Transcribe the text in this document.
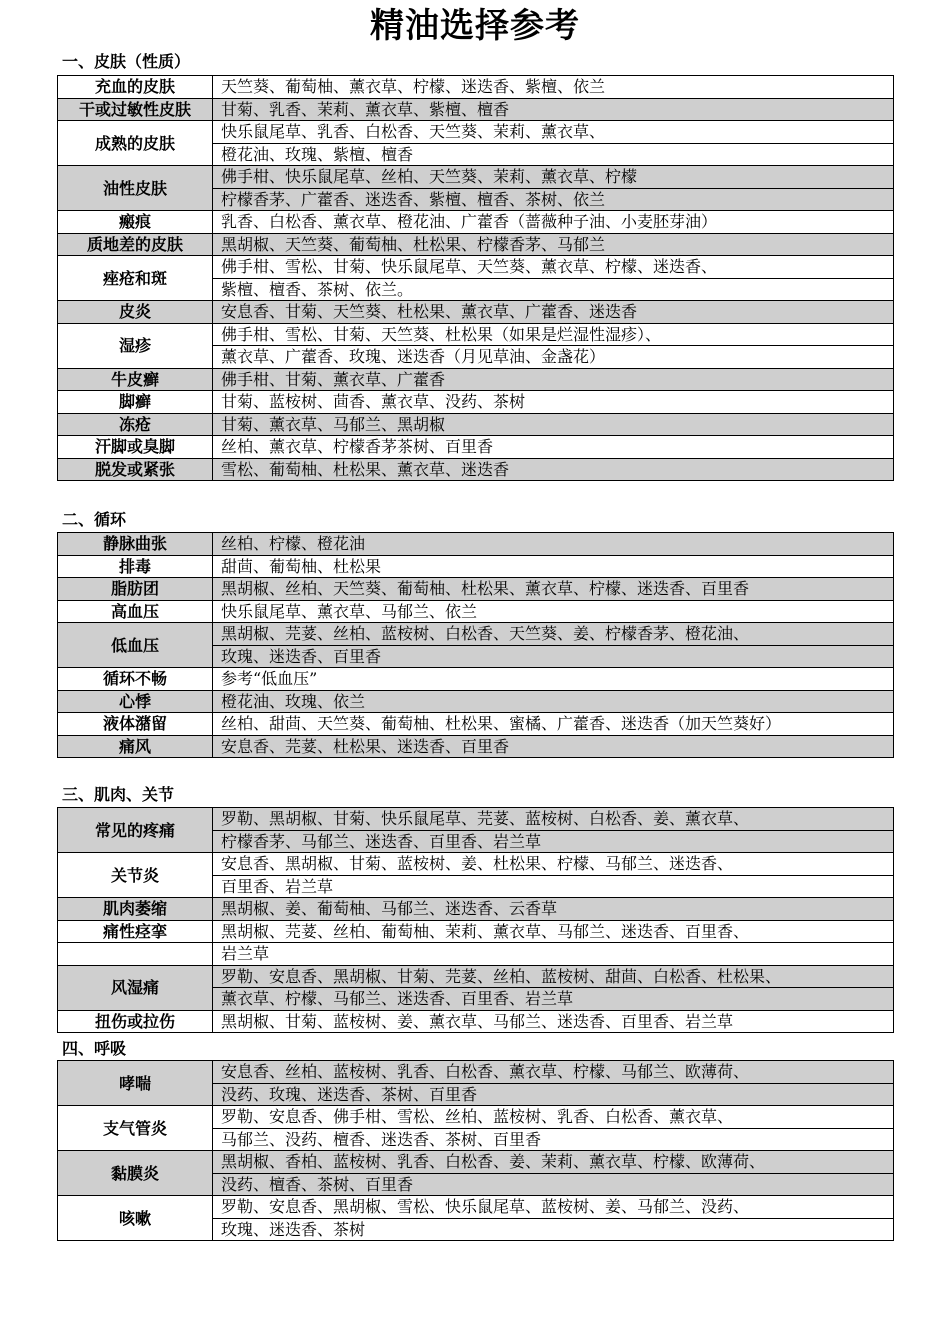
精油选择参考
一、皮肤（性质）
充血的皮肤	天竺葵、葡萄柚、薰衣草、柠檬、迷迭香、紫檀、依兰
干或过敏性皮肤	甘菊、乳香、茉莉、薰衣草、紫檀、檀香
成熟的皮肤	快乐鼠尾草、乳香、白松香、天竺葵、茉莉、薰衣草、
	橙花油、玫瑰、紫檀、檀香
油性皮肤	佛手柑、快乐鼠尾草、丝柏、天竺葵、茉莉、薰衣草、柠檬
	柠檬香茅、广藿香、迷迭香、紫檀、檀香、茶树、依兰
瘢痕	乳香、白松香、薰衣草、橙花油、广藿香（蔷薇种子油、小麦胚芽油）
质地差的皮肤	黑胡椒、天竺葵、葡萄柚、杜松果、柠檬香茅、马郁兰
痤疮和斑	佛手柑、雪松、甘菊、快乐鼠尾草、天竺葵、薰衣草、柠檬、迷迭香、
	紫檀、檀香、茶树、依兰。
皮炎	安息香、甘菊、天竺葵、杜松果、薰衣草、广藿香、迷迭香
湿疹	佛手柑、雪松、甘菊、天竺葵、杜松果（如果是烂湿性湿疹）、
	薰衣草、广藿香、玫瑰、迷迭香（月见草油、金盏花）
牛皮癣	佛手柑、甘菊、薰衣草、广藿香
脚癣	甘菊、蓝桉树、茴香、薰衣草、没药、茶树
冻疮	甘菊、薰衣草、马郁兰、黑胡椒
汗脚或臭脚	丝柏、薰衣草、柠檬香茅茶树、百里香
脱发或紧张	雪松、葡萄柚、杜松果、薰衣草、迷迭香
二、循环
静脉曲张	丝柏、柠檬、橙花油
排毒	甜茴、葡萄柚、杜松果
脂肪团	黑胡椒、丝柏、天竺葵、葡萄柚、杜松果、薰衣草、柠檬、迷迭香、百里香
高血压	快乐鼠尾草、薰衣草、马郁兰、依兰
低血压	黑胡椒、芫荽、丝柏、蓝桉树、白松香、天竺葵、姜、柠檬香茅、橙花油、
	玫瑰、迷迭香、百里香
循环不畅	参考“低血压”
心悸	橙花油、玫瑰、依兰
液体潴留	丝柏、甜茴、天竺葵、葡萄柚、杜松果、蜜橘、广藿香、迷迭香（加天竺葵好）
痛风	安息香、芫荽、杜松果、迷迭香、百里香
三、肌肉、关节
常见的疼痛	罗勒、黑胡椒、甘菊、快乐鼠尾草、芫荽、蓝桉树、白松香、姜、薰衣草、
	柠檬香茅、马郁兰、迷迭香、百里香、岩兰草
关节炎	安息香、黑胡椒、甘菊、蓝桉树、姜、杜松果、柠檬、马郁兰、迷迭香、
	百里香、岩兰草
肌肉萎缩	黑胡椒、姜、葡萄柚、马郁兰、迷迭香、云香草
痛性痉挛	黑胡椒、芫荽、丝柏、葡萄柚、茉莉、薰衣草、马郁兰、迷迭香、百里香、
	岩兰草
风湿痛	罗勒、安息香、黑胡椒、甘菊、芫荽、丝柏、蓝桉树、甜茴、白松香、杜松果、
	薰衣草、柠檬、马郁兰、迷迭香、百里香、岩兰草
扭伤或拉伤	黑胡椒、甘菊、蓝桉树、姜、薰衣草、马郁兰、迷迭香、百里香、岩兰草
四、呼吸
哮喘	安息香、丝柏、蓝桉树、乳香、白松香、薰衣草、柠檬、马郁兰、欧薄荷、
	没药、玫瑰、迷迭香、茶树、百里香
支气管炎	罗勒、安息香、佛手柑、雪松、丝柏、蓝桉树、乳香、白松香、薰衣草、
	马郁兰、没药、檀香、迷迭香、茶树、百里香
黏膜炎	黑胡椒、香柏、蓝桉树、乳香、白松香、姜、茉莉、薰衣草、柠檬、欧薄荷、
	没药、檀香、茶树、百里香
咳嗽	罗勒、安息香、黑胡椒、雪松、快乐鼠尾草、蓝桉树、姜、马郁兰、没药、
	玫瑰、迷迭香、茶树
